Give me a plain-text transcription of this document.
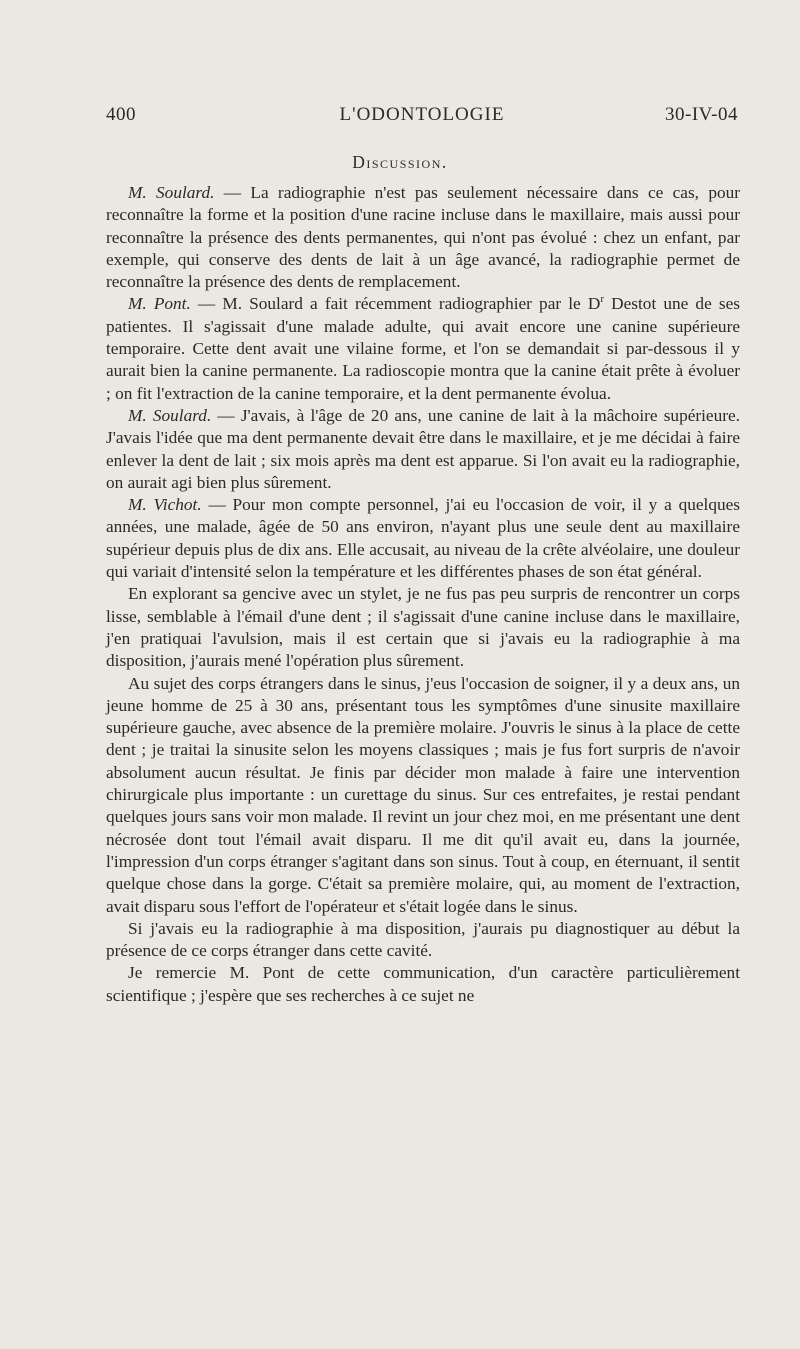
400	L'ODONTOLOGIE	30-IV-04
Discussion.

M. Soulard. — La radiographie n'est pas seulement nécessaire dans ce cas, pour reconnaître la forme et la position d'une racine incluse dans le maxillaire, mais aussi pour reconnaître la présence des dents permanentes, qui n'ont pas évolué : chez un enfant, par exemple, qui conserve des dents de lait à un âge avancé, la radiographie permet de reconnaître la présence des dents de remplacement.

M. Pont. — M. Soulard a fait récemment radiographier par le $D^r$ Destot une de ses patientes. Il s'agissait d'une malade adulte, qui avait encore une canine supérieure temporaire. Cette dent avait une vilaine forme, et l'on se demandait si par-dessous il y aurait bien la canine permanente. La radioscopie montra que la canine était prête à évoluer ; on fit l'extraction de la canine temporaire, et la dent permanente évolua.

M. Soulard. — J'avais, à l'âge de 20 ans, une canine de lait à la mâchoire supérieure. J'avais l'idée que ma dent permanente devait être dans le maxillaire, et je me décidai à faire enlever la dent de lait ; six mois après ma dent est apparue. Si l'on avait eu la radiographie, on aurait agi bien plus sûrement.

M. Vichot. — Pour mon compte personnel, j'ai eu l'occasion de voir, il y a quelques années, une malade, âgée de 50 ans environ, n'ayant plus une seule dent au maxillaire supérieur depuis plus de dix ans. Elle accusait, au niveau de la crête alvéolaire, une douleur qui variait d'intensité selon la température et les différentes phases de son état général.

En explorant sa gencive avec un stylet, je ne fus pas peu surpris de rencontrer un corps lisse, semblable à l'émail d'une dent ; il s'agissait d'une canine incluse dans le maxillaire, j'en pratiquai l'avulsion, mais il est certain que si j'avais eu la radiographie à ma disposition, j'aurais mené l'opération plus sûrement.

Au sujet des corps étrangers dans le sinus, j'eus l'occasion de soigner, il y a deux ans, un jeune homme de 25 à 30 ans, présentant tous les symptômes d'une sinusite maxillaire supérieure gauche, avec absence de la première molaire. J'ouvris le sinus à la place de cette dent ; je traitai la sinusite selon les moyens classiques ; mais je fus fort surpris de n'avoir absolument aucun résultat. Je finis par décider mon malade à faire une intervention chirurgicale plus importante : un curettage du sinus. Sur ces entrefaites, je restai pendant quelques jours sans voir mon malade. Il revint un jour chez moi, en me présentant une dent nécrosée dont tout l'émail avait disparu. Il me dit qu'il avait eu, dans la journée, l'impression d'un corps étranger s'agitant dans son sinus. Tout à coup, en éternuant, il sentit quelque chose dans la gorge. C'était sa première molaire, qui, au moment de l'extraction, avait disparu sous l'effort de l'opérateur et s'était logée dans le sinus.

Si j'avais eu la radiographie à ma disposition, j'aurais pu diagnostiquer au début la présence de ce corps étranger dans cette cavité.

Je remercie M. Pont de cette communication, d'un caractère particulièrement scientifique ; j'espère que ses recherches à ce sujet ne
